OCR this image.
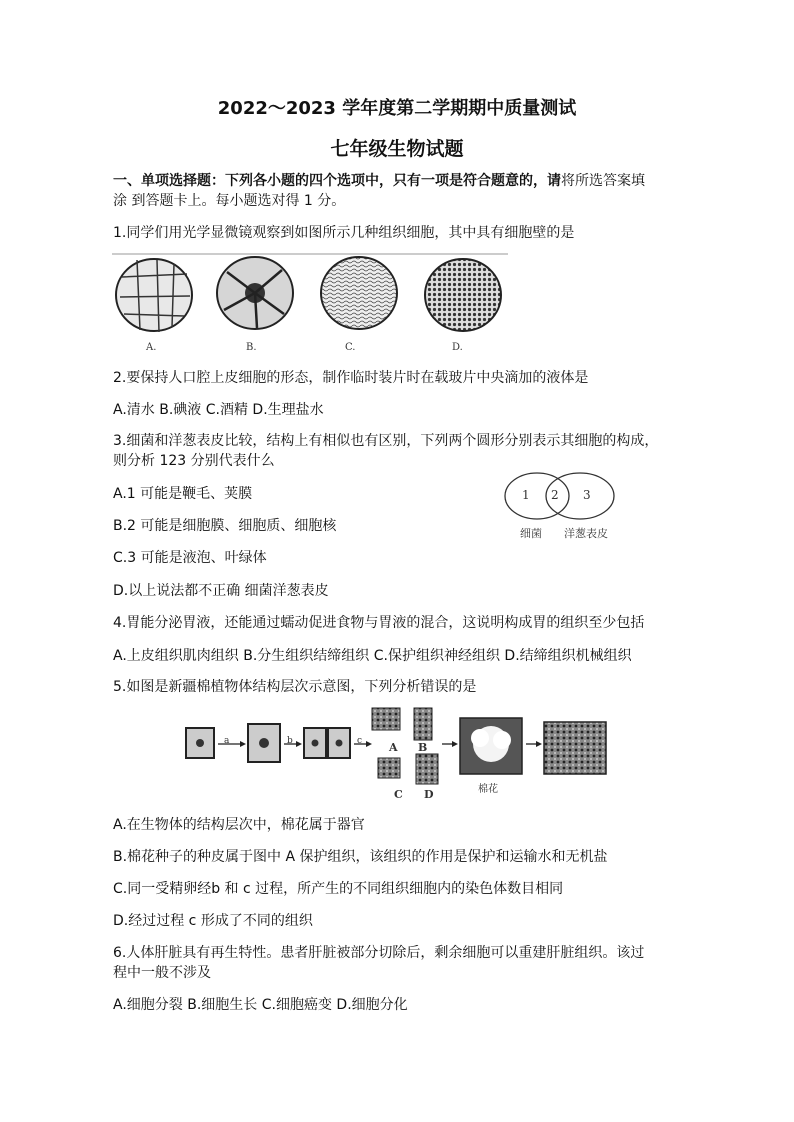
2022～2023 学年度第二学期期中质量测试
七年级生物试题
一、单项选择题：下列各小题的四个选项中，只有一项是符合题意的，请将所选答案填
涂 到答题卡上。每小题选对得 1 分。
1.同学们用光学显微镜观察到如图所示几种组织细胞，其中具有细胞壁的是
A.	B.	C.	D.
2.要保持人口腔上皮细胞的形态，制作临时装片时在载玻片中央滴加的液体是
A.清水 B.碘液 C.酒精 D.生理盐水
3.细菌和洋葱表皮比较，结构上有相似也有区别，下列两个圆形分别表示其细胞的构成，
则分析 123 分别代表什么
A.1 可能是鞭毛、荚膜
B.2 可能是细胞膜、细胞质、细胞核
C.3 可能是液泡、叶绿体
D.以上说法都不正确 细菌洋葱表皮
1 2 3
细菌 洋葱表皮
4.胃能分泌胃液，还能通过蠕动促进食物与胃液的混合，这说明构成胃的组织至少包括
A.上皮组织肌肉组织 B.分生组织结缔组织 C.保护组织神经组织 D.结缔组织机械组织
5.如图是新疆棉植物体结构层次示意图，下列分析错误的是
a	b	c A B
C D	棉花
A.在生物体的结构层次中，棉花属于器官
B.棉花种子的种皮属于图中 A 保护组织，该组织的作用是保护和运输水和无机盐
C.同一受精卵经b 和 c 过程，所产生的不同组织细胞内的染色体数目相同
D.经过过程 c 形成了不同的组织
6.人体肝脏具有再生特性。患者肝脏被部分切除后，剩余细胞可以重建肝脏组织。该过
程中一般不涉及
A.细胞分裂 B.细胞生长 C.细胞癌变 D.细胞分化
